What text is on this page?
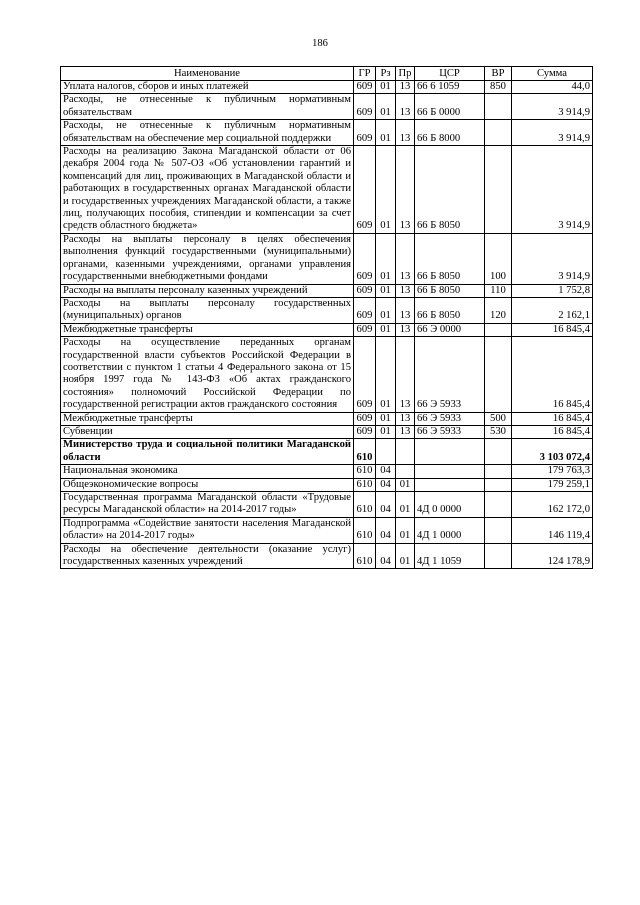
186
Наименование	ГР	Рз	Пр	ЦСР	ВР	Сумма
Уплата налогов, сборов и иных платежей	609	01	13	66 6 1059	850	44,0
Расходы, не отнесенные к публичным нормативным обязательствам	609	01	13	66 Б 0000		3 914,9
Расходы, не отнесенные к публичным нормативным обязательствам на обеспечение мер социальной поддержки	609	01	13	66 Б 8000		3 914,9
Расходы на реализацию Закона Магаданской области от 06 декабря 2004 года № 507-ОЗ «Об установлении гарантий и компенсаций для лиц, проживающих в Магаданской области и работающих в государственных органах Магаданской области и государственных учреждениях Магаданской области, а также лиц, получающих пособия, стипендии и компенсации за счет средств областного бюджета»	609	01	13	66 Б 8050		3 914,9
Расходы на выплаты персоналу в целях обеспечения выполнения функций государственными (муниципальными) органами, казенными учреждениями, органами управления государственными внебюджетными фондами	609	01	13	66 Б 8050	100	3 914,9
Расходы на выплаты персоналу казенных учреждений	609	01	13	66 Б 8050	110	1 752,8
Расходы на выплаты персоналу государственных (муниципальных) органов	609	01	13	66 Б 8050	120	2 162,1
Межбюджетные трансферты	609	01	13	66 Э 0000		16 845,4
Расходы на осуществление переданных органам государственной власти субъектов Российской Федерации в соответствии с пунктом 1 статьи 4 Федерального закона от 15 ноября 1997 года № 143-ФЗ «Об актах гражданского состояния» полномочий Российской Федерации по государственной регистрации актов гражданского состояния	609	01	13	66 Э 5933		16 845,4
Межбюджетные трансферты	609	01	13	66 Э 5933	500	16 845,4
Субвенции	609	01	13	66 Э 5933	530	16 845,4
Министерство труда и социальной политики Магаданской области	610					3 103 072,4
Национальная экономика	610	04				179 763,3
Общеэкономические вопросы	610	04	01			179 259,1
Государственная программа Магаданской области «Трудовые ресурсы Магаданской области» на 2014-2017 годы»	610	04	01	4Д 0 0000		162 172,0
Подпрограмма «Содействие занятости населения Магаданской области» на 2014-2017 годы»	610	04	01	4Д 1 0000		146 119,4
Расходы на обеспечение деятельности (оказание услуг) государственных казенных учреждений	610	04	01	4Д 1 1059		124 178,9
